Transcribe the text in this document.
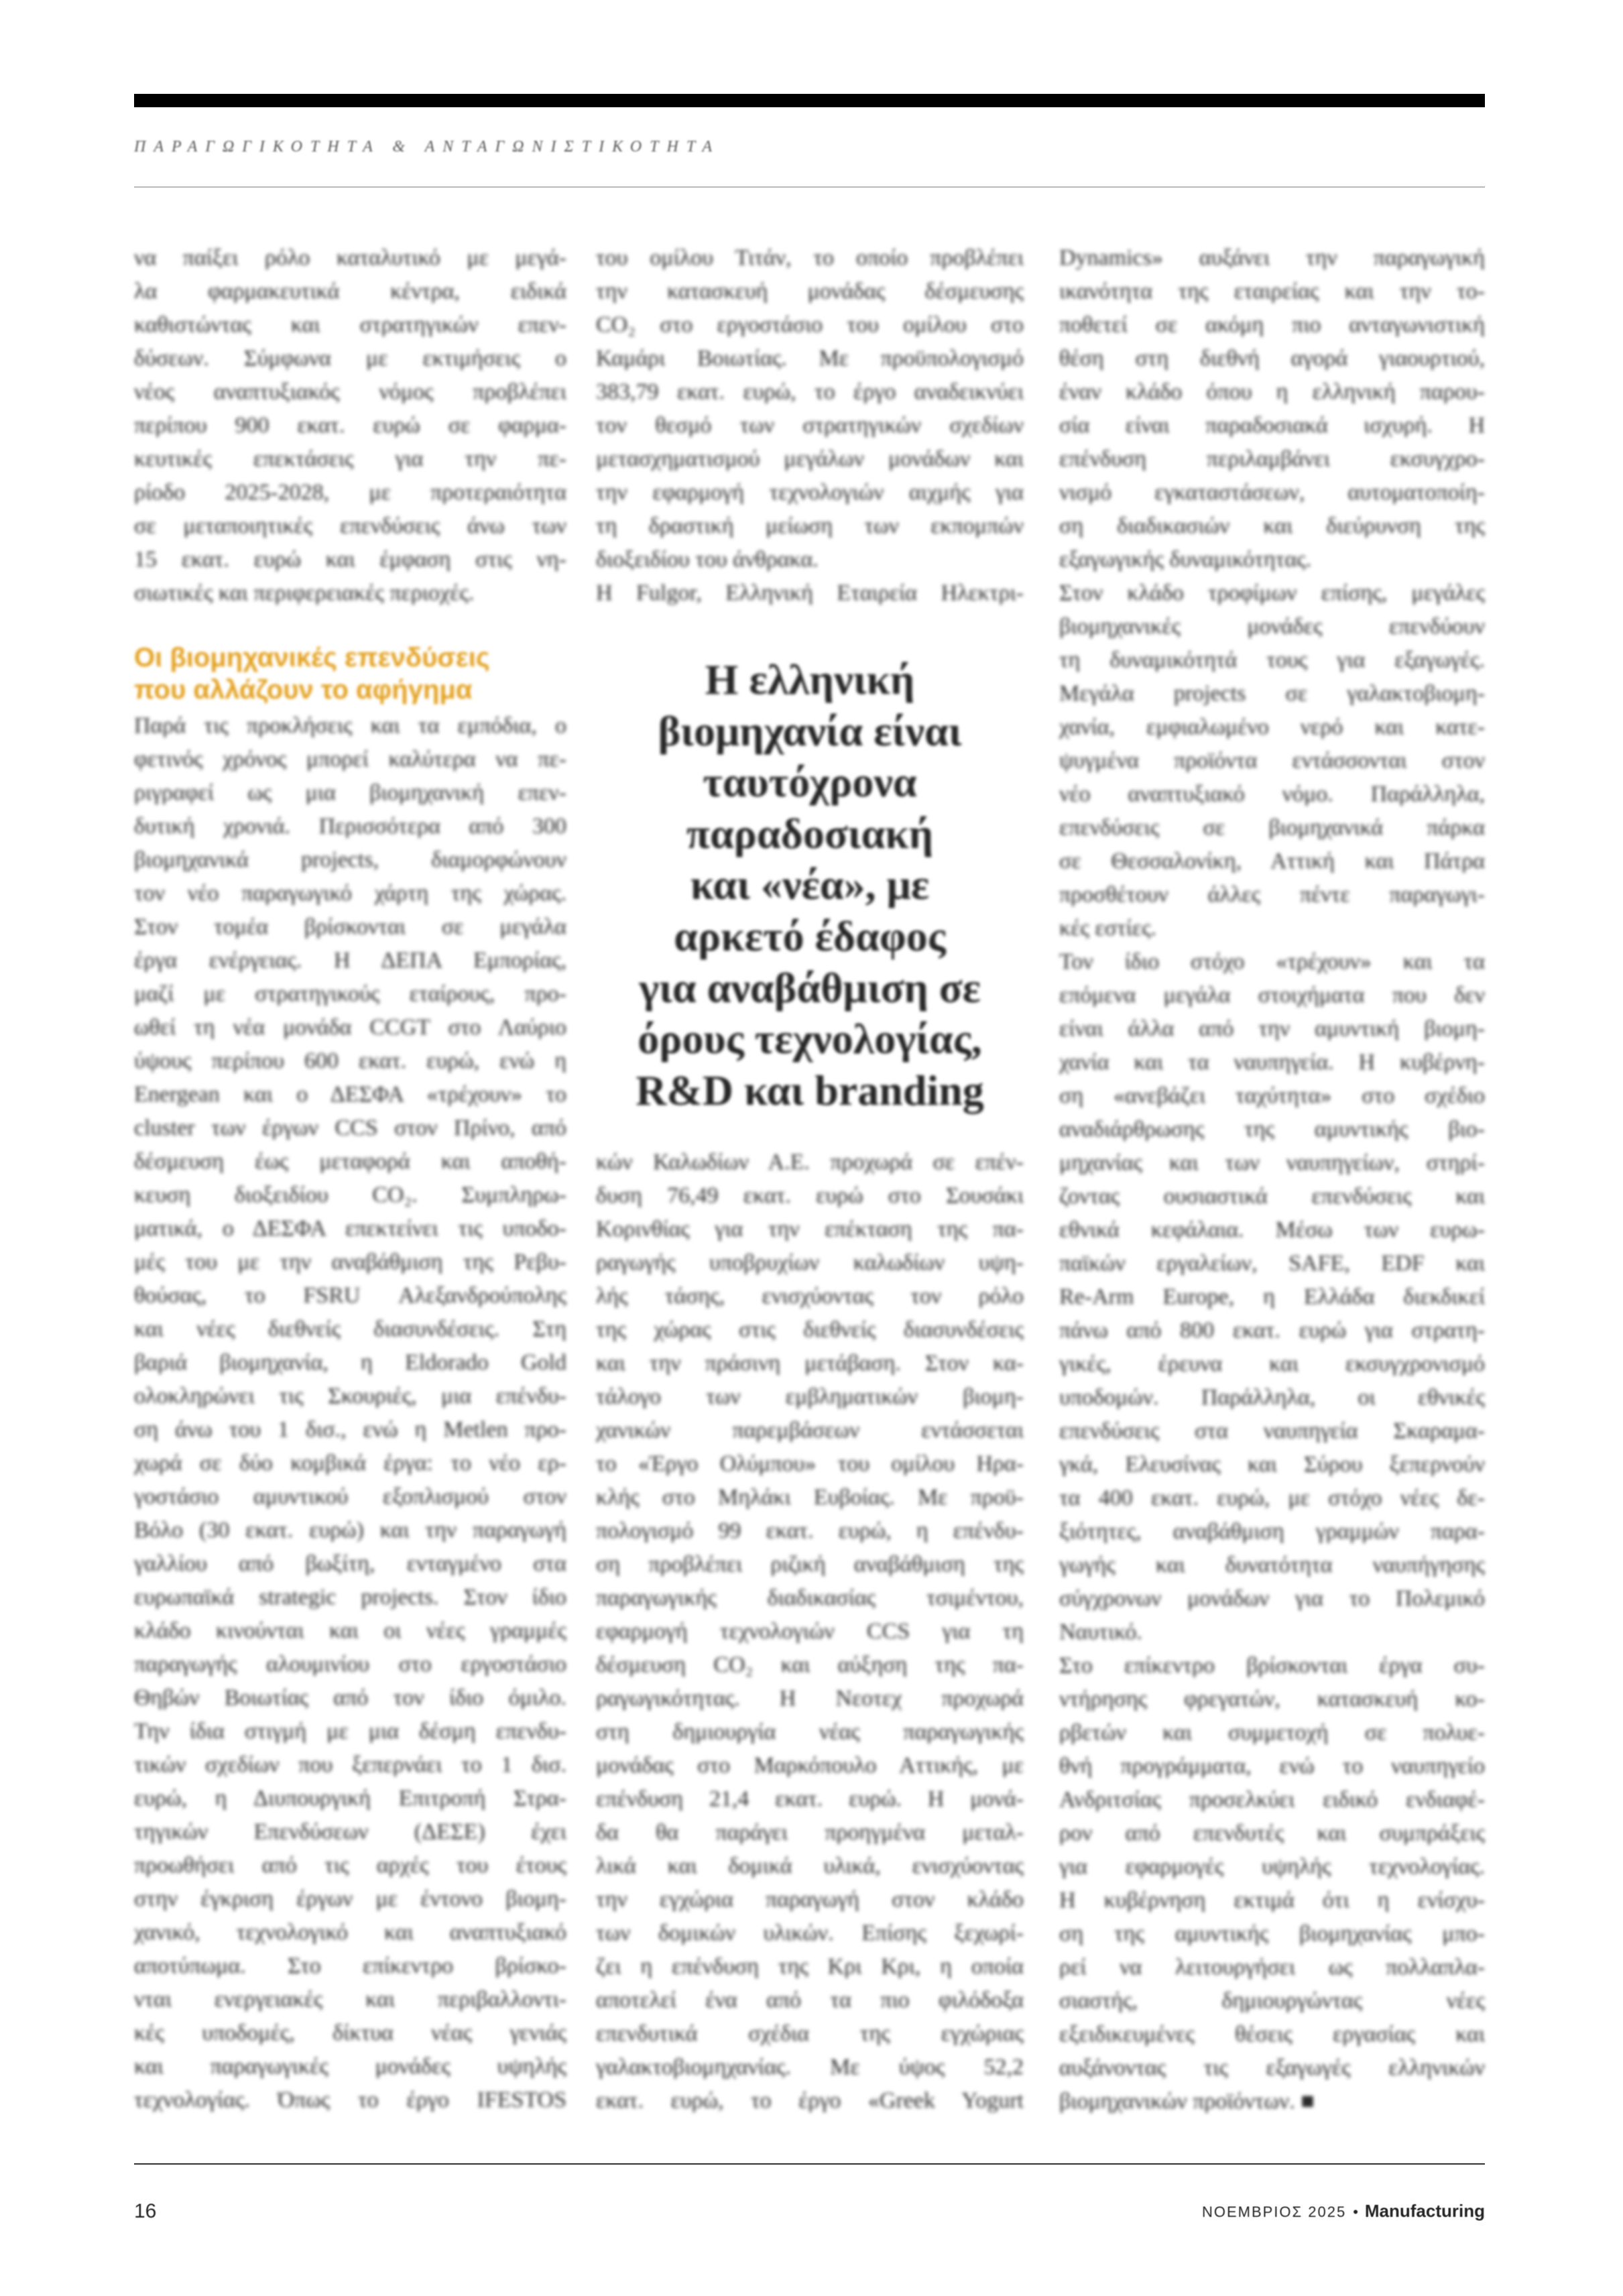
ΠΑΡΑΓΩΓΙΚΟΤΗΤΑ & ΑΝΤΑΓΩΝΙΣΤΙΚΟΤΗΤΑ
να παίξει ρόλο καταλυτικό με μεγά-
λα φαρμακευτικά κέντρα, ειδικά
καθιστώντας και στρατηγικών επεν-
δύσεων. Σύμφωνα με εκτιμήσεις ο
νέος αναπτυξιακός νόμος προβλέπει
περίπου 900 εκατ. ευρώ σε φαρμα-
κευτικές επεκτάσεις για την πε-
ρίοδο 2025-2028, με προτεραιότητα
σε μεταποιητικές επενδύσεις άνω των
15 εκατ. ευρώ και έμφαση στις νη-
σιωτικές και περιφερειακές περιοχές.
Οι βιομηχανικές επενδύσεις
που αλλάζουν το αφήγημα
Παρά τις προκλήσεις και τα εμπόδια, ο
φετινός χρόνος μπορεί καλύτερα να πε-
ριγραφεί ως μια βιομηχανική επεν-
δυτική χρονιά. Περισσότερα από 300
βιομηχανικά projects, διαμορφώνουν
τον νέο παραγωγικό χάρτη της χώρας.
Στον τομέα βρίσκονται σε μεγάλα
έργα ενέργειας. Η ΔΕΠΑ Εμπορίας,
μαζί με στρατηγικούς εταίρους, προ-
ωθεί τη νέα μονάδα CCGT στο Λαύριο
ύψους περίπου 600 εκατ. ευρώ, ενώ η
Energean και ο ΔΕΣΦΑ «τρέχουν» το
cluster των έργων CCS στον Πρίνο, από
δέσμευση έως μεταφορά και αποθή-
κευση διοξειδίου CO₂. Συμπληρω-
ματικά, ο ΔΕΣΦΑ επεκτείνει τις υποδο-
μές του με την αναβάθμιση της Ρεβυ-
θούσας, το FSRU Αλεξανδρούπολης
και νέες διεθνείς διασυνδέσεις. Στη
βαριά βιομηχανία, η Eldorado Gold
ολοκληρώνει τις Σκουριές, μια επένδυ-
ση άνω του 1 δισ., ενώ η Metlen προ-
χωρά σε δύο κομβικά έργα: το νέο ερ-
γοστάσιο αμυντικού εξοπλισμού στον
Βόλο (30 εκατ. ευρώ) και την παραγωγή
γαλλίου από βωξίτη, ενταγμένο στα
ευρωπαϊκά strategic projects. Στον ίδιο
κλάδο κινούνται και οι νέες γραμμές
παραγωγής αλουμινίου στο εργοστάσιο
Θηβών Βοιωτίας από τον ίδιο όμιλο.
Την ίδια στιγμή με μια δέσμη επενδυ-
τικών σχεδίων που ξεπερνάει το 1 δισ.
ευρώ, η Διυπουργική Επιτροπή Στρα-
τηγικών Επενδύσεων (ΔΕΣΕ) έχει
προωθήσει από τις αρχές του έτους
στην έγκριση έργων με έντονο βιομη-
χανικό, τεχνολογικό και αναπτυξιακό
αποτύπωμα. Στο επίκεντρο βρίσκο-
νται ενεργειακές και περιβαλλοντι-
κές υποδομές, δίκτυα νέας γενιάς
και παραγωγικές μονάδες υψηλής
τεχνολογίας. Όπως το έργο IFESTOS
του ομίλου Τιτάν, το οποίο προβλέπει
την κατασκευή μονάδας δέσμευσης
CO₂ στο εργοστάσιο του ομίλου στο
Καμάρι Βοιωτίας. Με προϋπολογισμό
383,79 εκατ. ευρώ, το έργο αναδεικνύει
τον θεσμό των στρατηγικών σχεδίων
μετασχηματισμού μεγάλων μονάδων και
την εφαρμογή τεχνολογιών αιχμής για
τη δραστική μείωση των εκπομπών
διοξειδίου του άνθρακα.
Η Fulgor, Ελληνική Εταιρεία Ηλεκτρι-
Η ελληνική
βιομηχανία είναι
ταυτόχρονα
παραδοσιακή
και «νέα», με
αρκετό έδαφος
για αναβάθμιση σε
όρους τεχνολογίας,
R&D και branding
κών Καλωδίων Α.Ε. προχωρά σε επέν-
δυση 76,49 εκατ. ευρώ στο Σουσάκι
Κορινθίας για την επέκταση της πα-
ραγωγής υποβρυχίων καλωδίων υψη-
λής τάσης, ενισχύοντας τον ρόλο
της χώρας στις διεθνείς διασυνδέσεις
και την πράσινη μετάβαση. Στον κα-
τάλογο των εμβληματικών βιομη-
χανικών παρεμβάσεων εντάσσεται
το «Έργο Ολύμπου» του ομίλου Ηρα-
κλής στο Μηλάκι Ευβοίας. Με προϋ-
πολογισμό 99 εκατ. ευρώ, η επένδυ-
ση προβλέπει ριζική αναβάθμιση της
παραγωγικής διαδικασίας τσιμέντου,
εφαρμογή τεχνολογιών CCS για τη
δέσμευση CO₂ και αύξηση της πα-
ραγωγικότητας. Η Νεοτεχ προχωρά
στη δημιουργία νέας παραγωγικής
μονάδας στο Μαρκόπουλο Αττικής, με
επένδυση 21,4 εκατ. ευρώ. Η μονά-
δα θα παράγει προηγμένα μεταλ-
λικά και δομικά υλικά, ενισχύοντας
την εγχώρια παραγωγή στον κλάδο
των δομικών υλικών. Επίσης ξεχωρί-
ζει η επένδυση της Κρι Κρι, η οποία
αποτελεί ένα από τα πιο φιλόδοξα
επενδυτικά σχέδια της εγχώριας
γαλακτοβιομηχανίας. Με ύψος 52,2
εκατ. ευρώ, το έργο «Greek Yogurt
Dynamics» αυξάνει την παραγωγική
ικανότητα της εταιρείας και την το-
ποθετεί σε ακόμη πιο ανταγωνιστική
θέση στη διεθνή αγορά γιαουρτιού,
έναν κλάδο όπου η ελληνική παρου-
σία είναι παραδοσιακά ισχυρή. Η
επένδυση περιλαμβάνει εκσυγχρο-
νισμό εγκαταστάσεων, αυτοματοποίη-
ση διαδικασιών και διεύρυνση της
εξαγωγικής δυναμικότητας.
Στον κλάδο τροφίμων επίσης, μεγάλες
βιομηχανικές μονάδες επενδύουν
τη δυναμικότητά τους για εξαγωγές.
Μεγάλα projects σε γαλακτοβιομη-
χανία, εμφιαλωμένο νερό και κατε-
ψυγμένα προϊόντα εντάσσονται στον
νέο αναπτυξιακό νόμο. Παράλληλα,
επενδύσεις σε βιομηχανικά πάρκα
σε Θεσσαλονίκη, Αττική και Πάτρα
προσθέτουν άλλες πέντε παραγωγι-
κές εστίες.
Τον ίδιο στόχο «τρέχουν» και τα
επόμενα μεγάλα στοιχήματα που δεν
είναι άλλα από την αμυντική βιομη-
χανία και τα ναυπηγεία. Η κυβέρνη-
ση «ανεβάζει ταχύτητα» στο σχέδιο
αναδιάρθρωσης της αμυντικής βιο-
μηχανίας και των ναυπηγείων, στηρί-
ζοντας ουσιαστικά επενδύσεις και
εθνικά κεφάλαια. Μέσω των ευρω-
παϊκών εργαλείων, SAFE, EDF και
Re-Arm Europe, η Ελλάδα διεκδικεί
πάνω από 800 εκατ. ευρώ για στρατη-
γικές, έρευνα και εκσυγχρονισμό
υποδομών. Παράλληλα, οι εθνικές
επενδύσεις στα ναυπηγεία Σκαραμα-
γκά, Ελευσίνας και Σύρου ξεπερνούν
τα 400 εκατ. ευρώ, με στόχο νέες δε-
ξιότητες, αναβάθμιση γραμμών παρα-
γωγής και δυνατότητα ναυπήγησης
σύγχρονων μονάδων για το Πολεμικό
Ναυτικό.
Στο επίκεντρο βρίσκονται έργα συ-
ντήρησης φρεγατών, κατασκευή κο-
ρβετών και συμμετοχή σε πολυε-
θνή προγράμματα, ενώ το ναυπηγείο
Ανδριτσίας προσελκύει ειδικό ενδιαφέ-
ρον από επενδυτές και συμπράξεις
για εφαρμογές υψηλής τεχνολογίας.
Η κυβέρνηση εκτιμά ότι η ενίσχυ-
ση της αμυντικής βιομηχανίας μπο-
ρεί να λειτουργήσει ως πολλαπλα-
σιαστής, δημιουργώντας νέες
εξειδικευμένες θέσεις εργασίας και
αυξάνοντας τις εξαγωγές ελληνικών
βιομηχανικών προϊόντων. ■
16	ΝΟΕΜΒΡΙΟΣ 2025 • Manufacturing
